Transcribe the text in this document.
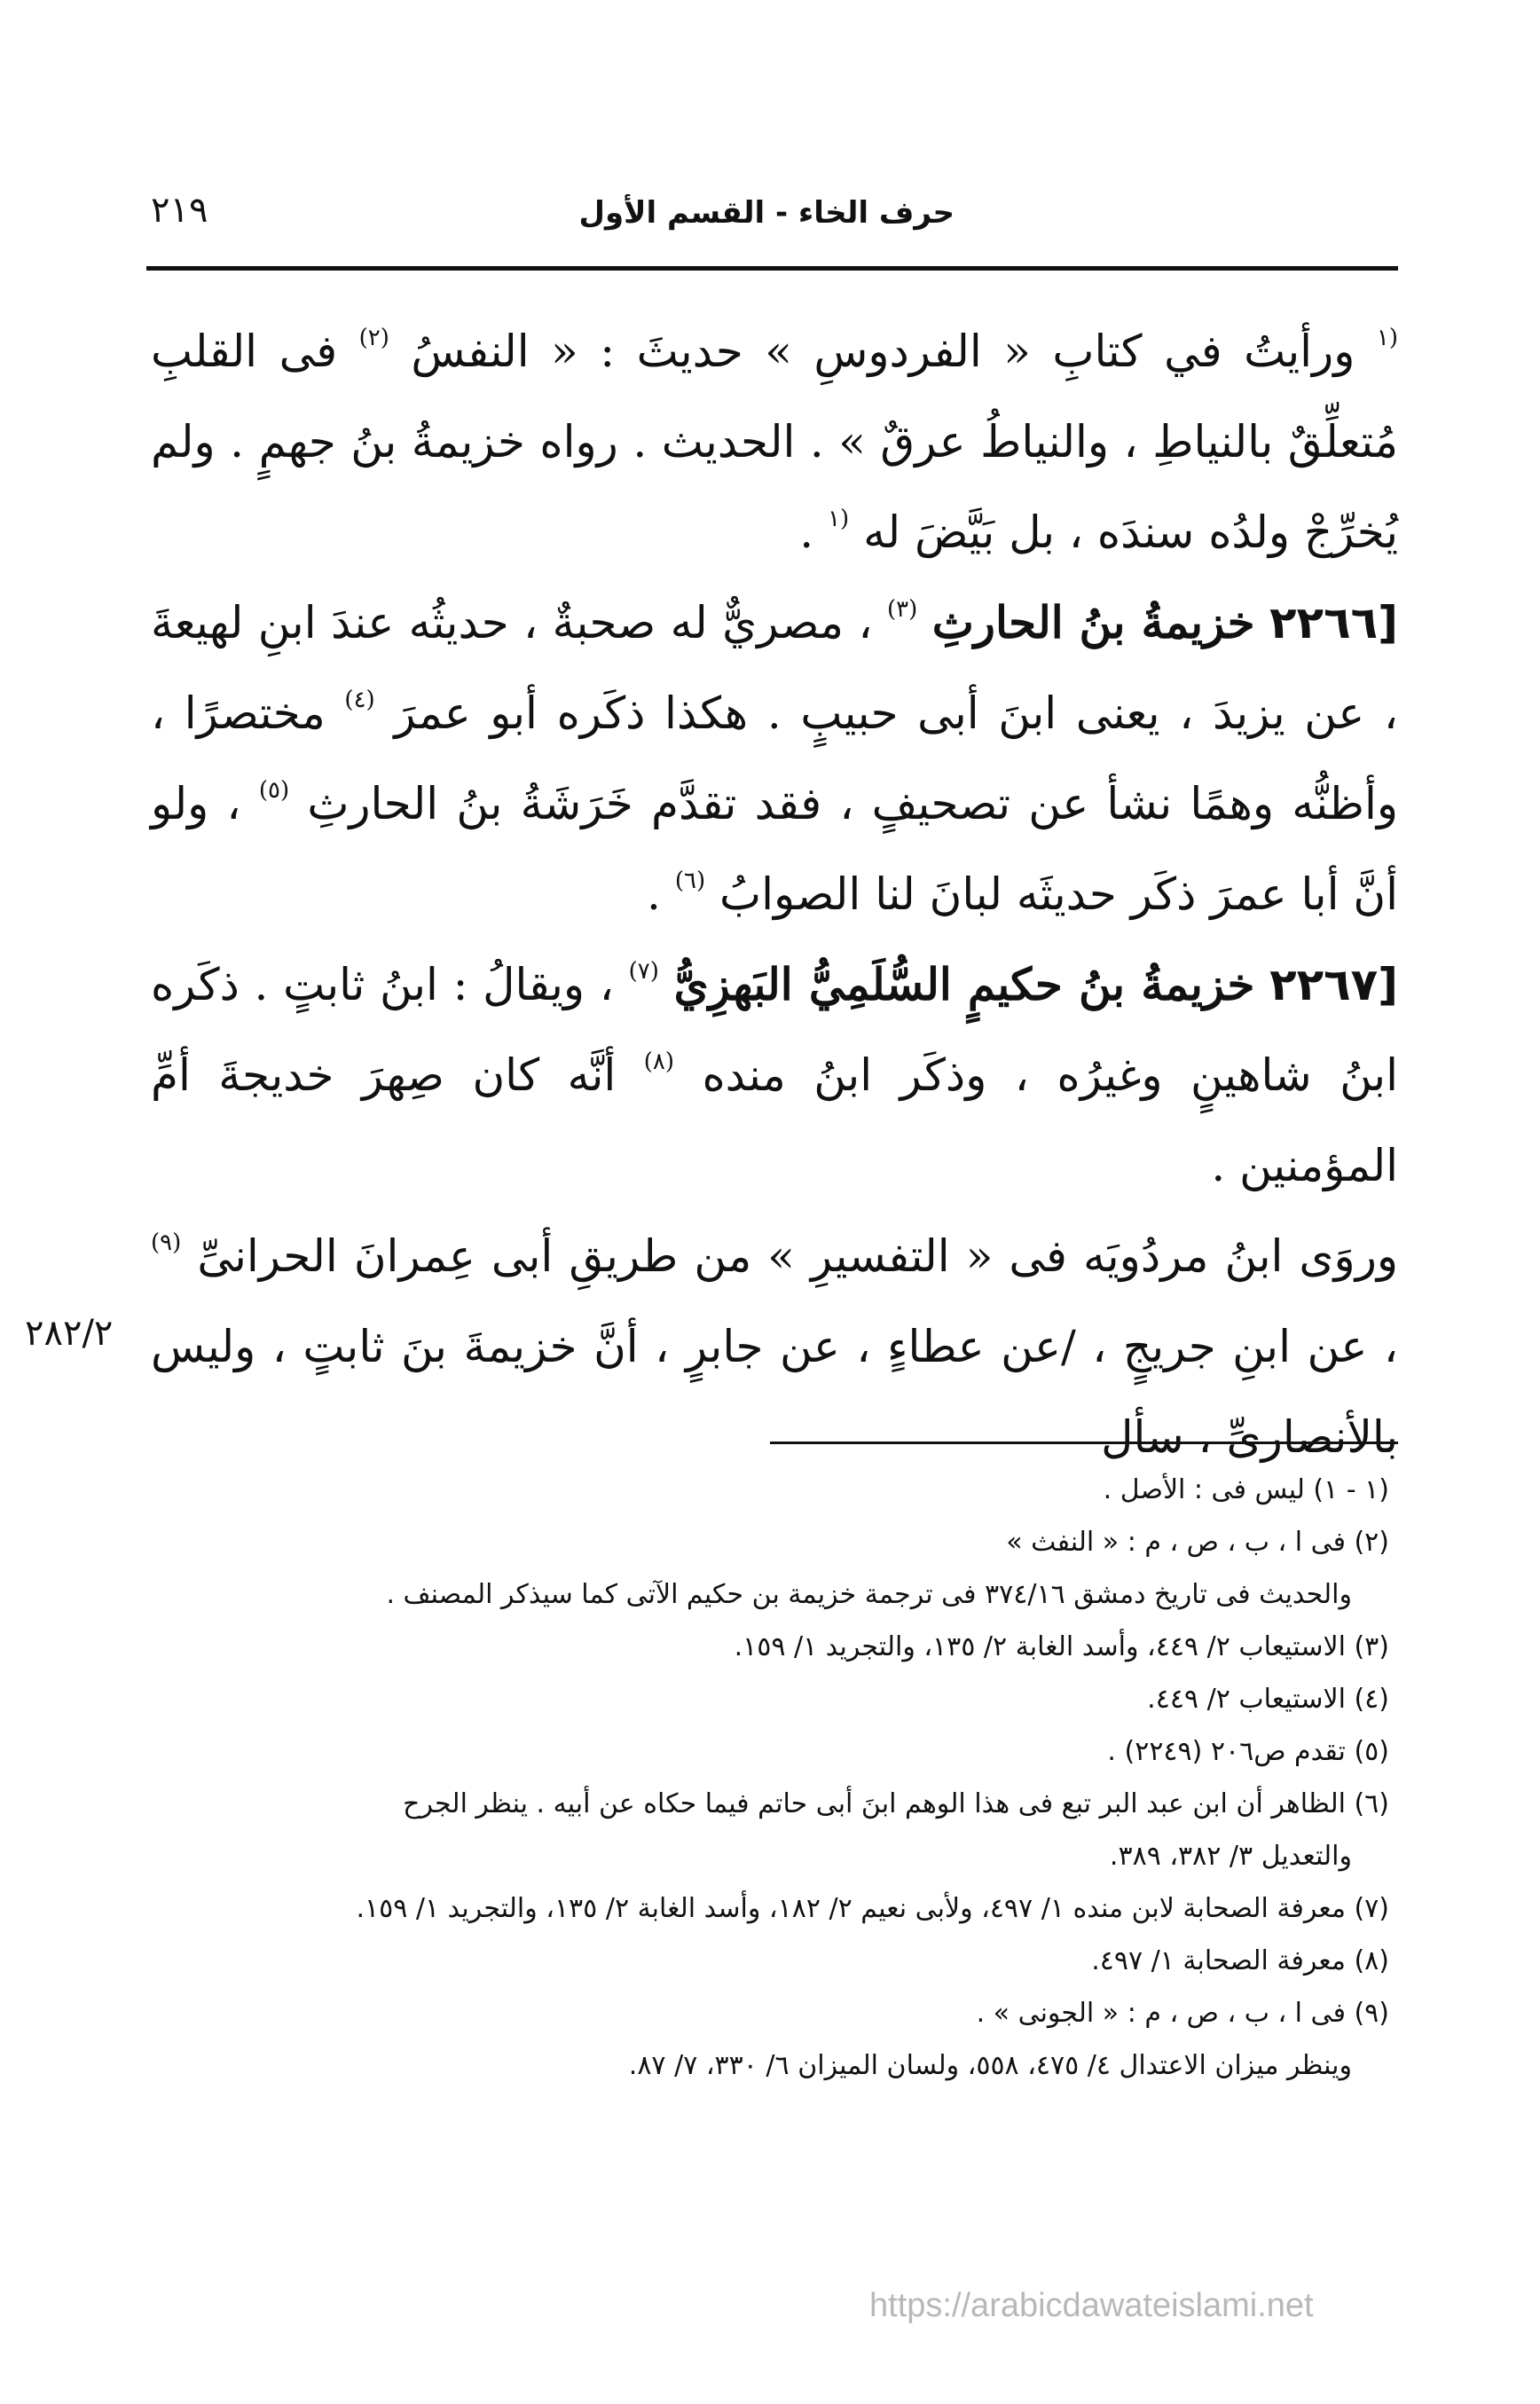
حرف الخاء - القسم الأول
٢١٩

$^{(١}$ ورأيتُ في كتابِ « الفردوسِ » حديثَ : « النفسُ $^{(٢)}$ فى القلبِ مُتعلِّقٌ بالنياطِ ، والنياطُ عرقٌ » . الحديث . رواه خزيمةُ بنُ جهمٍ . ولم يُخرِّجْ ولدُه سندَه ، بل بَيَّضَ له $^{(١}$ .

[٢٢٦٦ خزيمةُ بنُ الحارثِ $^{(٣)}$ ، مصريٌّ له صحبةٌ ، حديثُه عندَ ابنِ لهيعةَ ، عن يزيدَ ، يعنى ابنَ أبى حبيبٍ . هكذا ذكَره أبو عمرَ $^{(٤)}$ مختصرًا ، وأظنُّه وهمًا نشأ عن تصحيفٍ ، فقد تقدَّم خَرَشَةُ بنُ الحارثِ $^{(٥)}$ ، ولو أنَّ أبا عمرَ ذكَر حديثَه لبانَ لنا الصوابُ $^{(٦)}$ .

[٢٢٦٧ خزيمةُ بنُ حكيمٍ السُّلَمِيُّ البَهزِيُّ $^{(٧)}$ ، ويقالُ : ابنُ ثابتٍ . ذكَره ابنُ شاهينٍ وغيرُه ، وذكَر ابنُ منده $^{(٨)}$ أنَّه كان صِهرَ خديجةَ أمِّ المؤمنين .

وروَى ابنُ مردُويَه فى « التفسيرِ » من طريقِ أبى عِمرانَ الحرانىِّ $^{(٩)}$ ، عن ابنِ جريجٍ ، /عن عطاءٍ ، عن جابرٍ ، أنَّ خزيمةَ بنَ ثابتٍ ، وليس بالأنصارىِّ ، سأل

٢٨٢/٢

(١ - ١) ليس فى : الأصل .

(٢) فى ا ، ب ، ص ، م : « النفث »

والحديث فى تاريخ دمشق ٣٧٤/١٦ فى ترجمة خزيمة بن حكيم الآتى كما سيذكر المصنف .

(٣) الاستيعاب ٢/ ٤٤٩، وأسد الغابة ٢/ ١٣٥، والتجريد ١/ ١٥٩.

(٤) الاستيعاب ٢/ ٤٤٩.

(٥) تقدم ص٢٠٦ (٢٢٤٩) .

(٦) الظاهر أن ابن عبد البر تبع فى هذا الوهم ابنَ أبى حاتم فيما حكاه عن أبيه . ينظر الجرح

والتعديل ٣/ ٣٨٢، ٣٨٩.

(٧) معرفة الصحابة لابن منده ١/ ٤٩٧، ولأبى نعيم ٢/ ١٨٢، وأسد الغابة ٢/ ١٣٥، والتجريد ١/ ١٥٩.

(٨) معرفة الصحابة ١/ ٤٩٧.

(٩) فى ا ، ب ، ص ، م : « الجونى » .

وينظر ميزان الاعتدال ٤/ ٤٧٥، ٥٥٨، ولسان الميزان ٦/ ٣٣٠، ٧/ ٨٧.

https://arabicdawateislami.net
